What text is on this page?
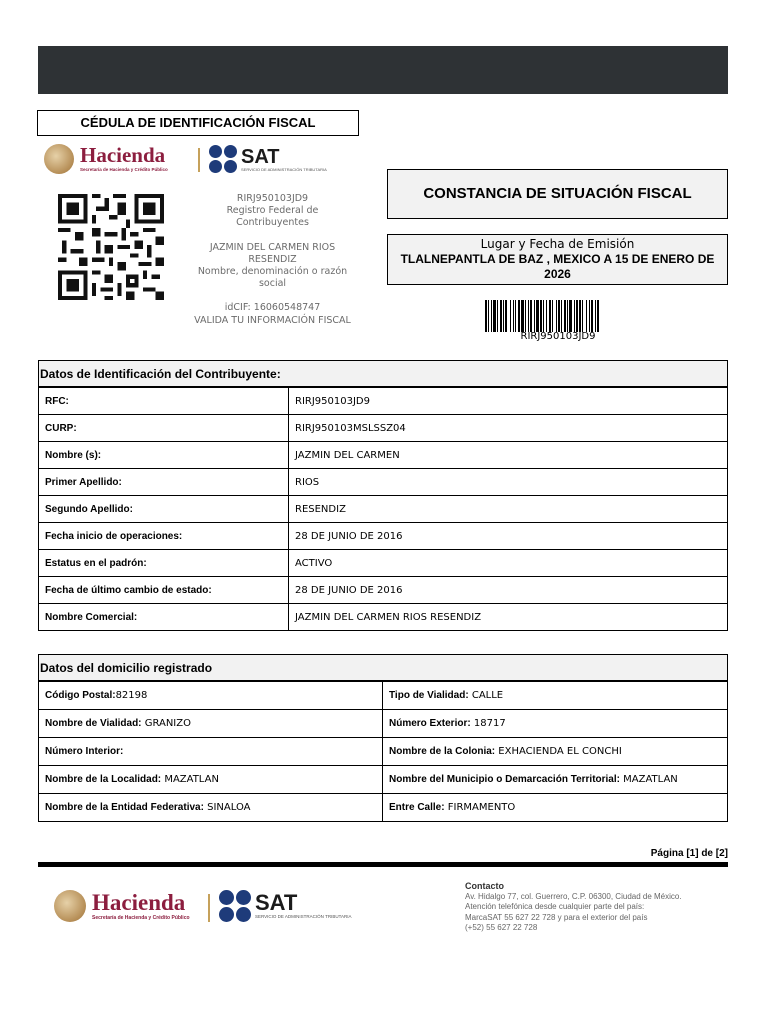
CÉDULA DE IDENTIFICACIÓN FISCAL
Hacienda
Secretaría de Hacienda y Crédito Público
SAT
SERVICIO DE ADMINISTRACIÓN TRIBUTARIA
RIRJ950103JD9
Registro Federal de Contribuyentes
JAZMIN DEL CARMEN RIOS RESENDIZ
Nombre, denominación o razón social
idCIF: 16060548747
VALIDA TU INFORMACIÓN FISCAL
CONSTANCIA DE SITUACIÓN FISCAL
Lugar y Fecha de Emisión
TLALNEPANTLA DE BAZ , MEXICO A 15 DE ENERO DE 2026
RIRJ950103JD9
Datos de Identificación del Contribuyente:
RFC:	RIRJ950103JD9
CURP:	RIRJ950103MSLSSZ04
Nombre (s):	JAZMIN DEL CARMEN
Primer Apellido:	RIOS
Segundo Apellido:	RESENDIZ
Fecha inicio de operaciones:	28 DE JUNIO DE 2016
Estatus en el padrón:	ACTIVO
Fecha de último cambio de estado:	28 DE JUNIO DE 2016
Nombre Comercial:	JAZMIN DEL CARMEN RIOS RESENDIZ
Datos del domicilio registrado
Código Postal:82198	Tipo de Vialidad: CALLE
Nombre de Vialidad: GRANIZO	Número Exterior: 18717
Número Interior:	Nombre de la Colonia: EXHACIENDA EL CONCHI
Nombre de la Localidad: MAZATLAN	Nombre del Municipio o Demarcación Territorial: MAZATLAN
Nombre de la Entidad Federativa: SINALOA	Entre Calle: FIRMAMENTO
Página [1] de [2]
Hacienda
Secretaría de Hacienda y Crédito Público
SAT
SERVICIO DE ADMINISTRACIÓN TRIBUTARIA
Contacto
Av. Hidalgo 77, col. Guerrero, C.P. 06300, Ciudad de México.
Atención telefónica desde cualquier parte del país:
MarcaSAT 55 627 22 728 y para el exterior del país
(+52) 55 627 22 728
